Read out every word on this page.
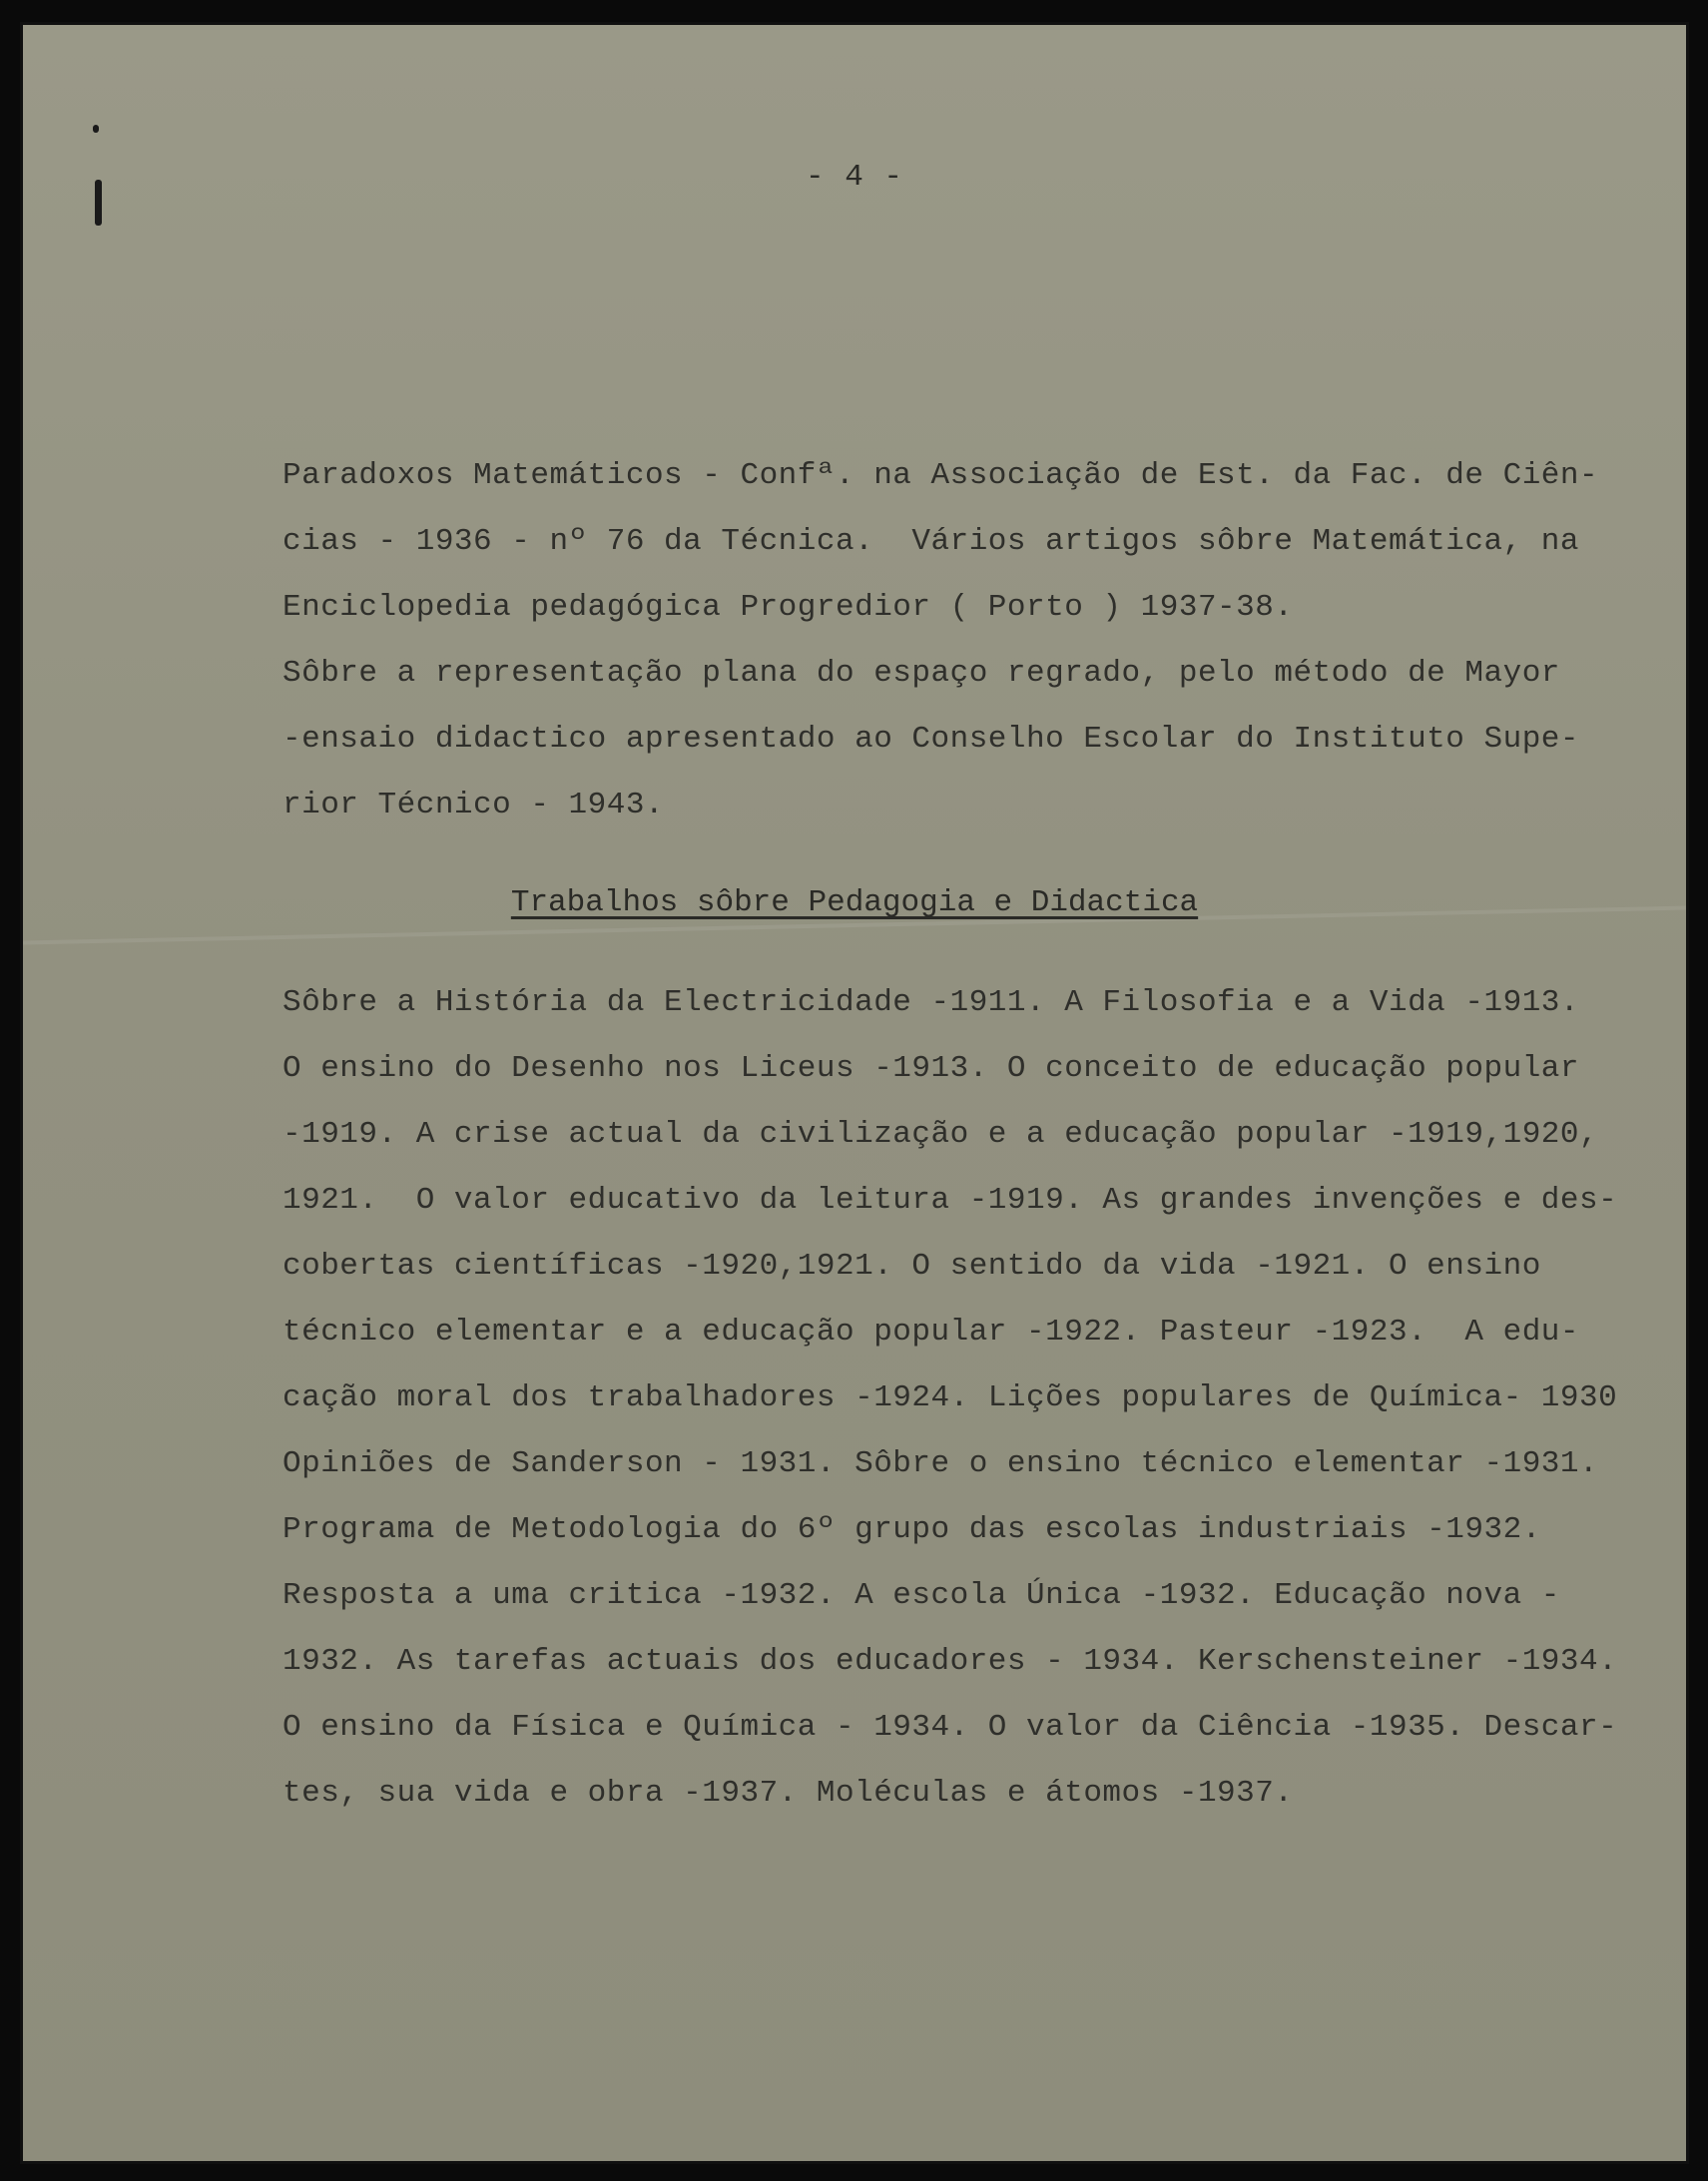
- 4 -
Paradoxos Matemáticos - Confª. na Associação de Est. da Fac. de Ciên-
cias - 1936 - nº 76 da Técnica.  Vários artigos sôbre Matemática, na
Enciclopedia pedagógica Progredior ( Porto ) 1937-38.
Sôbre a representação plana do espaço regrado, pelo método de Mayor
-ensaio didactico apresentado ao Conselho Escolar do Instituto Supe-
rior Técnico - 1943.
Trabalhos sôbre Pedagogia e Didactica
Sôbre a História da Electricidade -1911. A Filosofia e a Vida -1913.
O ensino do Desenho nos Liceus -1913. O conceito de educação popular
-1919. A crise actual da civilização e a educação popular -1919,1920,
1921.  O valor educativo da leitura -1919. As grandes invenções e des-
cobertas científicas -1920,1921. O sentido da vida -1921. O ensino
técnico elementar e a educação popular -1922. Pasteur -1923.  A edu-
cação moral dos trabalhadores -1924. Lições populares de Química- 1930
Opiniões de Sanderson - 1931. Sôbre o ensino técnico elementar -1931.
Programa de Metodologia do 6º grupo das escolas industriais -1932.
Resposta a uma critica -1932. A escola Única -1932. Educação nova -
1932. As tarefas actuais dos educadores - 1934. Kerschensteiner -1934.
O ensino da Física e Química - 1934. O valor da Ciência -1935. Descar-
tes, sua vida e obra -1937. Moléculas e átomos -1937.
